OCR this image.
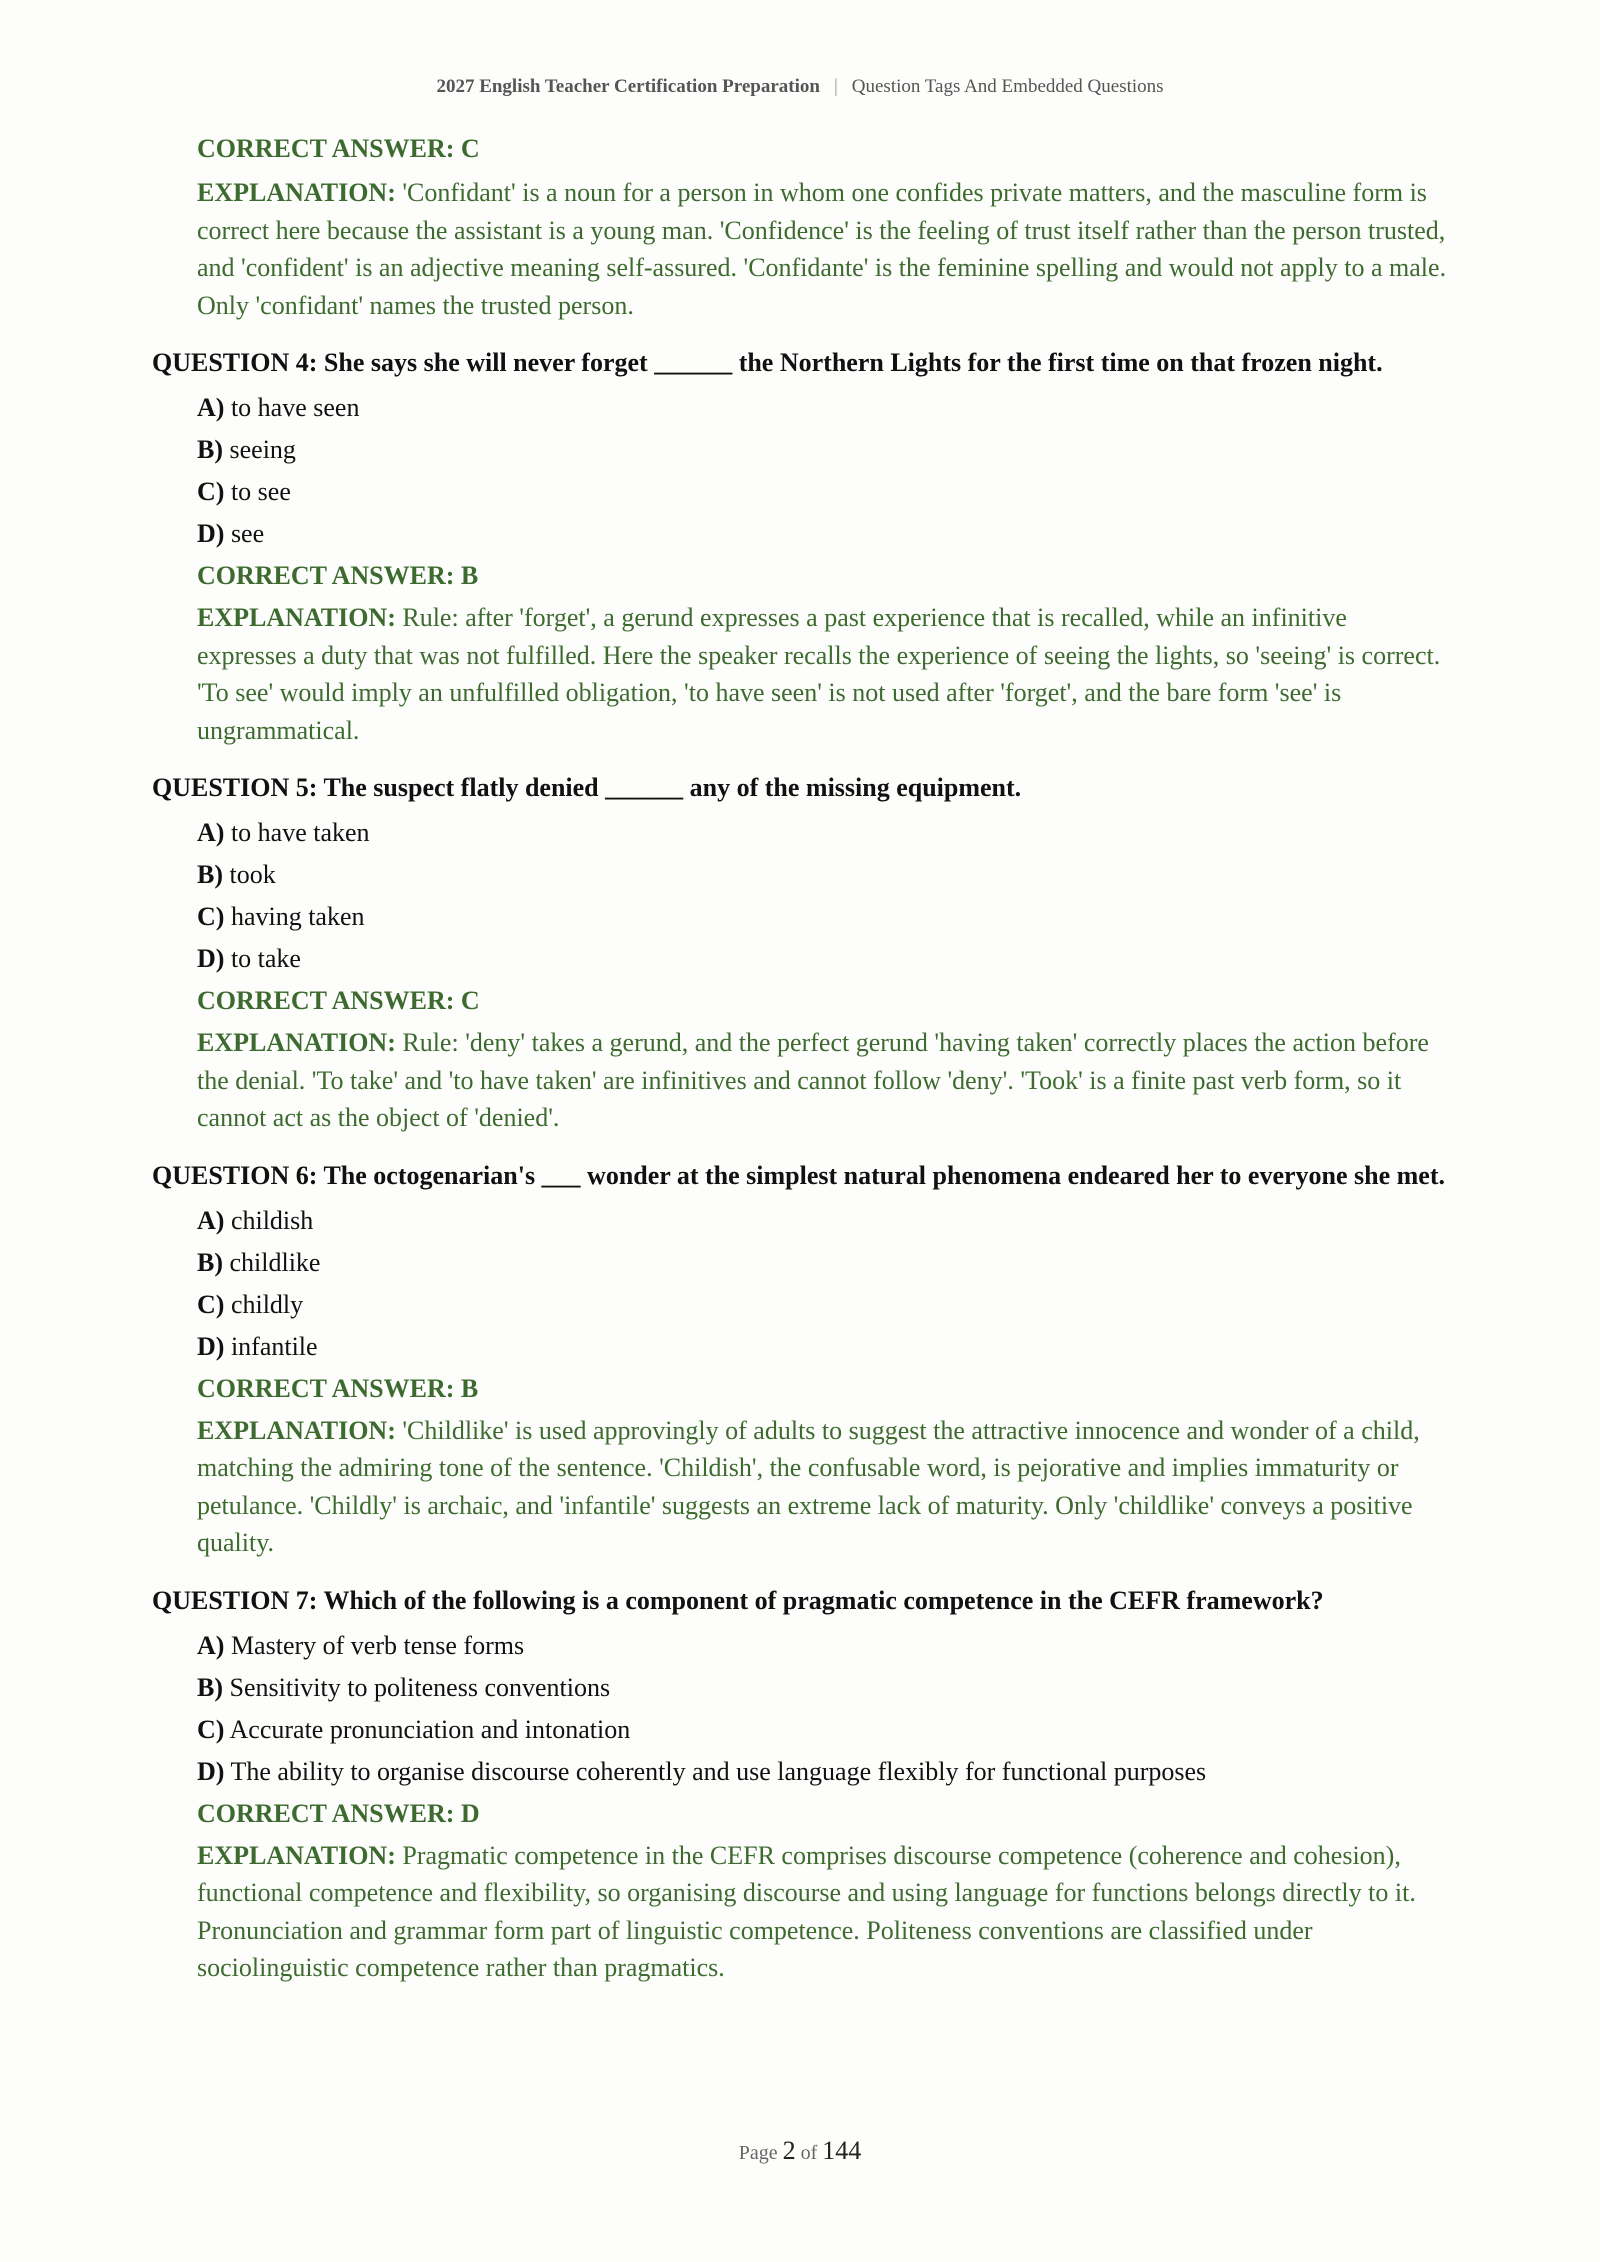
2027 English Teacher Certification Preparation | Question Tags And Embedded Questions
CORRECT ANSWER: C
EXPLANATION: 'Confidant' is a noun for a person in whom one confides private matters, and the masculine form is correct here because the assistant is a young man. 'Confidence' is the feeling of trust itself rather than the person trusted, and 'confident' is an adjective meaning self-assured. 'Confidante' is the feminine spelling and would not apply to a male. Only 'confidant' names the trusted person.
QUESTION 4: She says she will never forget ______ the Northern Lights for the first time on that frozen night.
A) to have seen
B) seeing
C) to see
D) see
CORRECT ANSWER: B
EXPLANATION: Rule: after 'forget', a gerund expresses a past experience that is recalled, while an infinitive expresses a duty that was not fulfilled. Here the speaker recalls the experience of seeing the lights, so 'seeing' is correct. 'To see' would imply an unfulfilled obligation, 'to have seen' is not used after 'forget', and the bare form 'see' is ungrammatical.
QUESTION 5: The suspect flatly denied ______ any of the missing equipment.
A) to have taken
B) took
C) having taken
D) to take
CORRECT ANSWER: C
EXPLANATION: Rule: 'deny' takes a gerund, and the perfect gerund 'having taken' correctly places the action before the denial. 'To take' and 'to have taken' are infinitives and cannot follow 'deny'. 'Took' is a finite past verb form, so it cannot act as the object of 'denied'.
QUESTION 6: The octogenarian's ___ wonder at the simplest natural phenomena endeared her to everyone she met.
A) childish
B) childlike
C) childly
D) infantile
CORRECT ANSWER: B
EXPLANATION: 'Childlike' is used approvingly of adults to suggest the attractive innocence and wonder of a child, matching the admiring tone of the sentence. 'Childish', the confusable word, is pejorative and implies immaturity or petulance. 'Childly' is archaic, and 'infantile' suggests an extreme lack of maturity. Only 'childlike' conveys a positive quality.
QUESTION 7: Which of the following is a component of pragmatic competence in the CEFR framework?
A) Mastery of verb tense forms
B) Sensitivity to politeness conventions
C) Accurate pronunciation and intonation
D) The ability to organise discourse coherently and use language flexibly for functional purposes
CORRECT ANSWER: D
EXPLANATION: Pragmatic competence in the CEFR comprises discourse competence (coherence and cohesion), functional competence and flexibility, so organising discourse and using language for functions belongs directly to it. Pronunciation and grammar form part of linguistic competence. Politeness conventions are classified under sociolinguistic competence rather than pragmatics.
Page 2 of 144
